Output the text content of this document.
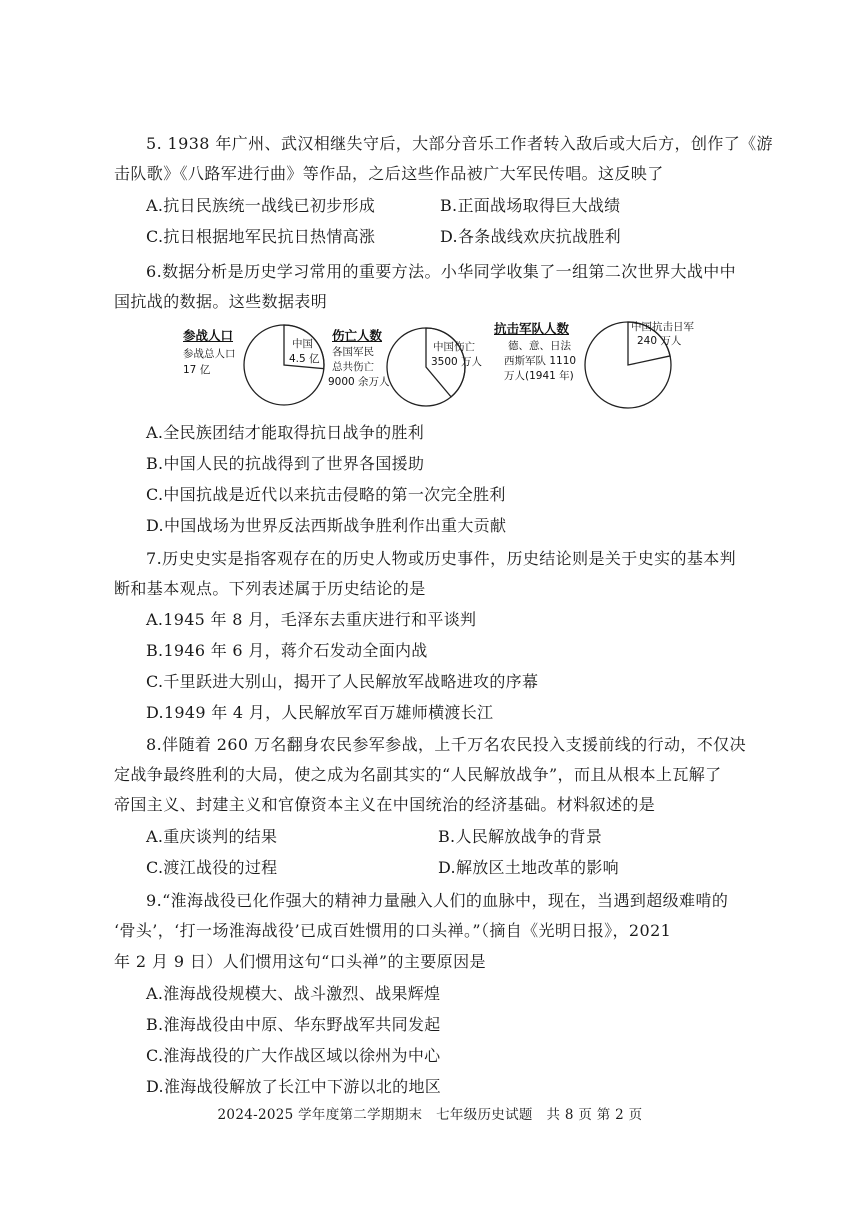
5. 1938 年广州、武汉相继失守后，大部分音乐工作者转入敌后或大后方，创作了《游
击队歌》《八路军进行曲》等作品，之后这些作品被广大军民传唱。这反映了
A.抗日民族统一战线已初步形成	B.正面战场取得巨大战绩
C.抗日根据地军民抗日热情高涨	D.各条战线欢庆抗战胜利
6.数据分析是历史学习常用的重要方法。小华同学收集了一组第二次世界大战中中
国抗战的数据。这些数据表明
参战人口
参战总人口
17 亿
中国
4.5 亿
伤亡人数
各国军民
总共伤亡
9000 余万人
中国伤亡
3500 万人
抗击军队人数
德、意、日法
西斯军队 1110
万人(1941 年)
中国抗击日军
240 万人
A.全民族团结才能取得抗日战争的胜利
B.中国人民的抗战得到了世界各国援助
C.中国抗战是近代以来抗击侵略的第一次完全胜利
D.中国战场为世界反法西斯战争胜利作出重大贡献
7.历史史实是指客观存在的历史人物或历史事件，历史结论则是关于史实的基本判
断和基本观点。下列表述属于历史结论的是
A.1945 年 8 月，毛泽东去重庆进行和平谈判
B.1946 年 6 月，蒋介石发动全面内战
C.千里跃进大别山，揭开了人民解放军战略进攻的序幕
D.1949 年 4 月，人民解放军百万雄师横渡长江
8.伴随着 260 万名翻身农民参军参战，上千万名农民投入支援前线的行动，不仅决
定战争最终胜利的大局，使之成为名副其实的“人民解放战争”，而且从根本上瓦解了
帝国主义、封建主义和官僚资本主义在中国统治的经济基础。材料叙述的是
A.重庆谈判的结果	B.人民解放战争的背景
C.渡江战役的过程	D.解放区土地改革的影响
9.“淮海战役已化作强大的精神力量融入人们的血脉中，现在，当遇到超级难啃的
‘骨头’，‘打一场淮海战役’已成百姓惯用的口头禅。”（摘自《光明日报》，2021
年 2 月 9 日）人们惯用这句“口头禅”的主要原因是
A.淮海战役规模大、战斗激烈、战果辉煌
B.淮海战役由中原、华东野战军共同发起
C.淮海战役的广大作战区域以徐州为中心
D.淮海战役解放了长江中下游以北的地区
2024-2025 学年度第二学期期末　七年级历史试题　共 8 页 第 2 页
